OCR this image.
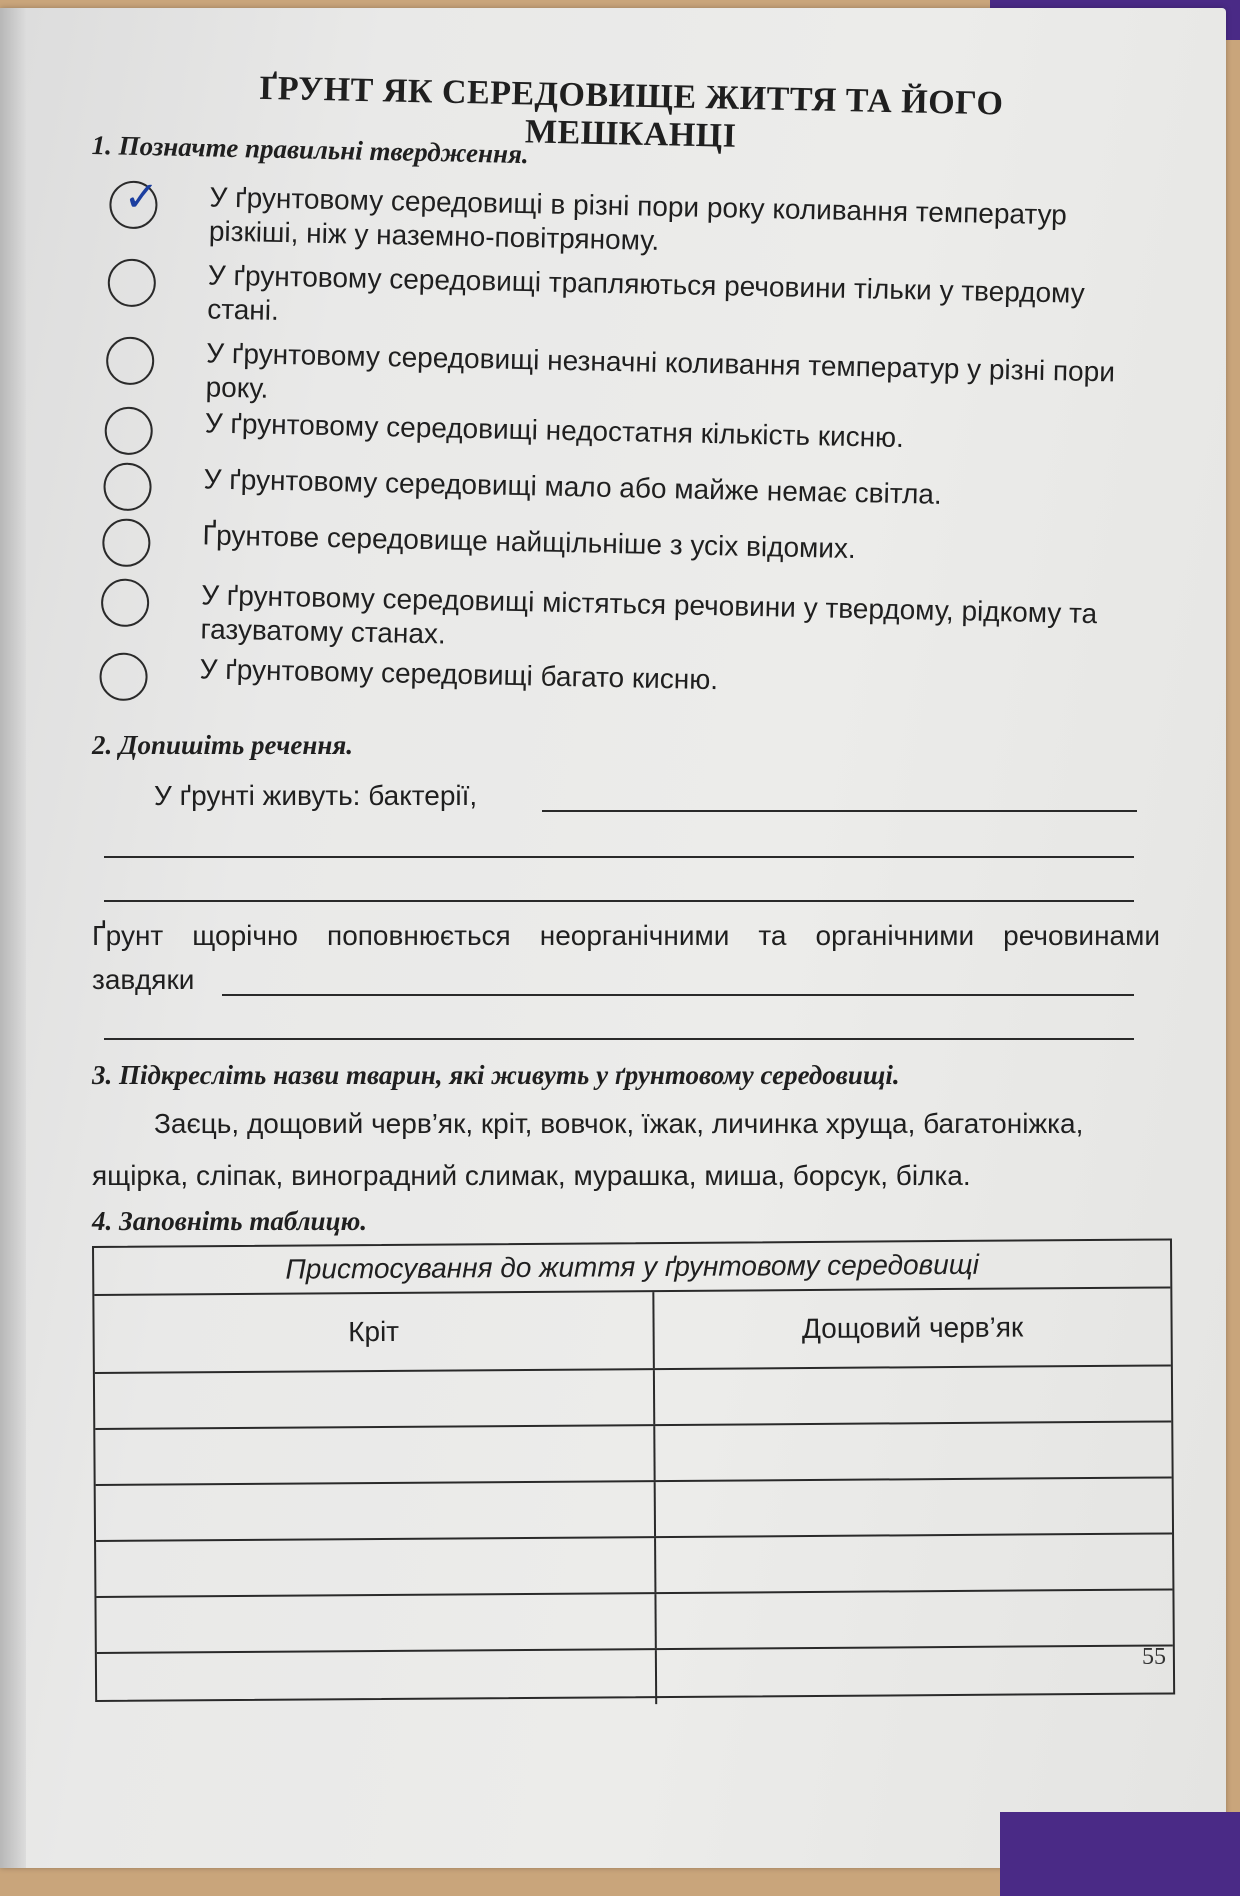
ҐРУНТ ЯК СЕРЕДОВИЩЕ ЖИТТЯ ТА ЙОГО МЕШКАНЦІ
1. Позначте правильні твердження.
✓ У ґрунтовому середовищі в різні пори року коливання температур різкіші, ніж у наземно-повітряному.
У ґрунтовому середовищі трапляються речовини тільки у твердому стані.
У ґрунтовому середовищі незначні коливання температур у різні пори року.
У ґрунтовому середовищі недостатня кількість кисню.
У ґрунтовому середовищі мало або майже немає світла.
Ґрунтове середовище найщільніше з усіх відомих.
У ґрунтовому середовищі містяться речовини у твердому, рідкому та газуватому станах.
У ґрунтовому середовищі багато кисню.
2. Допишіть речення.
У ґрунті живуть: бактерії,
Ґрунт щорічно поповнюється неорганічними та органічними речовинами
завдяки
3. Підкресліть назви тварин, які живуть у ґрунтовому середовищі.
Заєць, дощовий черв’як, кріт, вовчок, їжак, личинка хруща, багатоніжка, ящірка, сліпак, виноградний слимак, мурашка, миша, борсук, білка.
4. Заповніть таблицю.
Пристосування до життя у ґрунтовому середовищі
Кріт	Дощовий черв’як
55
